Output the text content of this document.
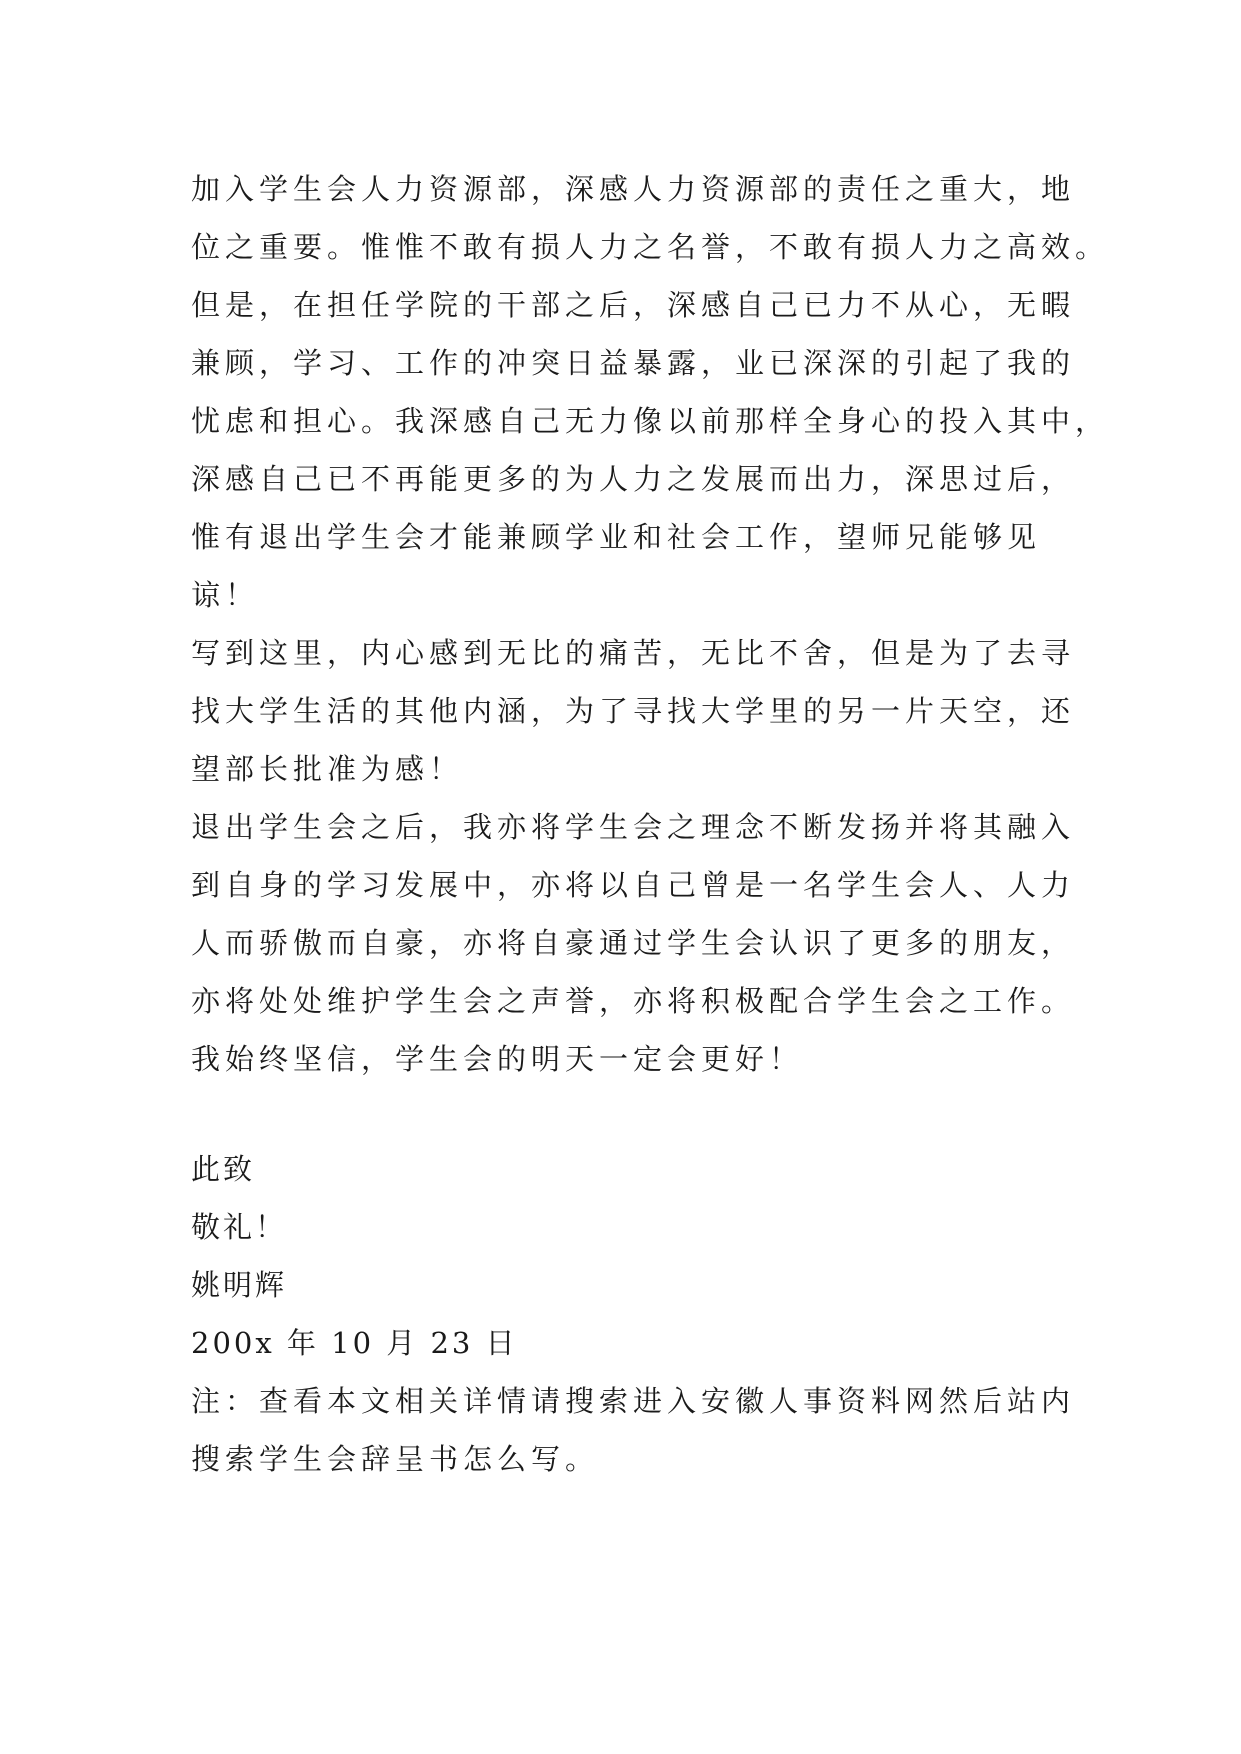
加入学生会人力资源部，深感人力资源部的责任之重大，地
位之重要。惟惟不敢有损人力之名誉，不敢有损人力之高效。
但是，在担任学院的干部之后，深感自己已力不从心，无暇
兼顾，学习、工作的冲突日益暴露，业已深深的引起了我的
忧虑和担心。我深感自己无力像以前那样全身心的投入其中，
深感自己已不再能更多的为人力之发展而出力，深思过后，
惟有退出学生会才能兼顾学业和社会工作，望师兄能够见
谅！
写到这里，内心感到无比的痛苦，无比不舍，但是为了去寻
找大学生活的其他内涵，为了寻找大学里的另一片天空，还
望部长批准为感！
退出学生会之后，我亦将学生会之理念不断发扬并将其融入
到自身的学习发展中，亦将以自己曾是一名学生会人、人力
人而骄傲而自豪，亦将自豪通过学生会认识了更多的朋友，
亦将处处维护学生会之声誉，亦将积极配合学生会之工作。
我始终坚信，学生会的明天一定会更好！
此致
敬礼！
姚明辉
200x 年 10 月 23 日
注：查看本文相关详情请搜索进入安徽人事资料网然后站内
搜索学生会辞呈书怎么写。
